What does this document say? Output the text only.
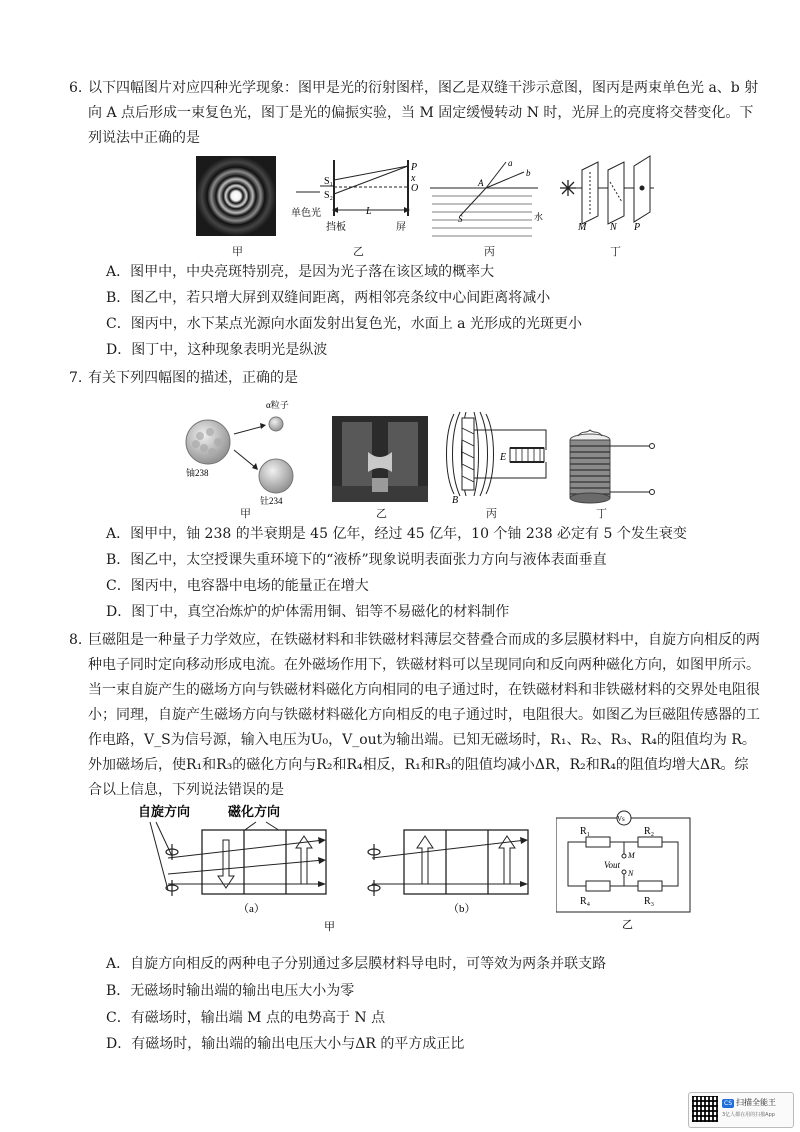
6. 以下四幅图片对应四种光学现象：图甲是光的衍射图样，图乙是双缝干涉示意图，图丙是两束单色光 a、b 射向 A 点后形成一束复色光，图丁是光的偏振实验，当 M 固定缓慢转动 N 时，光屏上的亮度将交替变化。下列说法中正确的是
甲
S₁
S₂
P
x
O
单色光	L
挡板	屏
乙
a
b
A
S	水
丙
M N P
丁

A．图甲中，中央亮斑特别亮，是因为光子落在该区域的概率大

B．图乙中，若只增大屏到双缝间距离，两相邻亮条纹中心间距离将减小

C．图丙中，水下某点光源向水面发射出复色光，水面上 a 光形成的光斑更小

D．图丁中，这种现象表明光是纵波

7. 有关下列四幅图的描述，正确的是
α粒子
铀238
钍234
甲	乙
E
B
丙	丁

A．图甲中，铀 238 的半衰期是 45 亿年，经过 45 亿年，10 个铀 238 必定有 5 个发生衰变

B．图乙中，太空授课失重环境下的“液桥”现象说明表面张力方向与液体表面垂直

C．图丙中，电容器中电场的能量正在增大

D．图丁中，真空冶炼炉的炉体需用铜、铝等不易磁化的材料制作

8. 巨磁阻是一种量子力学效应，在铁磁材料和非铁磁材料薄层交替叠合而成的多层膜材料中，自旋方向相反的两种电子同时定向移动形成电流。在外磁场作用下，铁磁材料可以呈现同向和反向两种磁化方向，如图甲所示。当一束自旋产生的磁场方向与铁磁材料磁化方向相同的电子通过时，在铁磁材料和非铁磁材料的交界处电阻很小；同理，自旋产生磁场方向与铁磁材料磁化方向相反的电子通过时，电阻很大。如图乙为巨磁阻传感器的工作电路，V_S为信号源，输入电压为U₀，V_out为输出端。已知无磁场时，R₁、R₂、R₃、R₄的阻值均为 R。外加磁场后，使R₁和R₃的磁化方向与R₂和R₄相反，R₁和R₃的阻值均减小ΔR，R₂和R₄的阻值均增大ΔR。综合以上信息，下列说法错误的是
自旋方向	磁化方向
（a）
甲
（b）
Vs
R₁	R₂
R₄	R₃
M
N
Vout
乙

A．自旋方向相反的两种电子分别通过多层膜材料导电时，可等效为两条并联支路

B．无磁场时输出端的输出电压大小为零

C．有磁场时，输出端 M 点的电势高于 N 点

D．有磁场时，输出端的输出电压大小与ΔR 的平方成正比

CS 扫描全能王
3亿人都在用的扫描App
